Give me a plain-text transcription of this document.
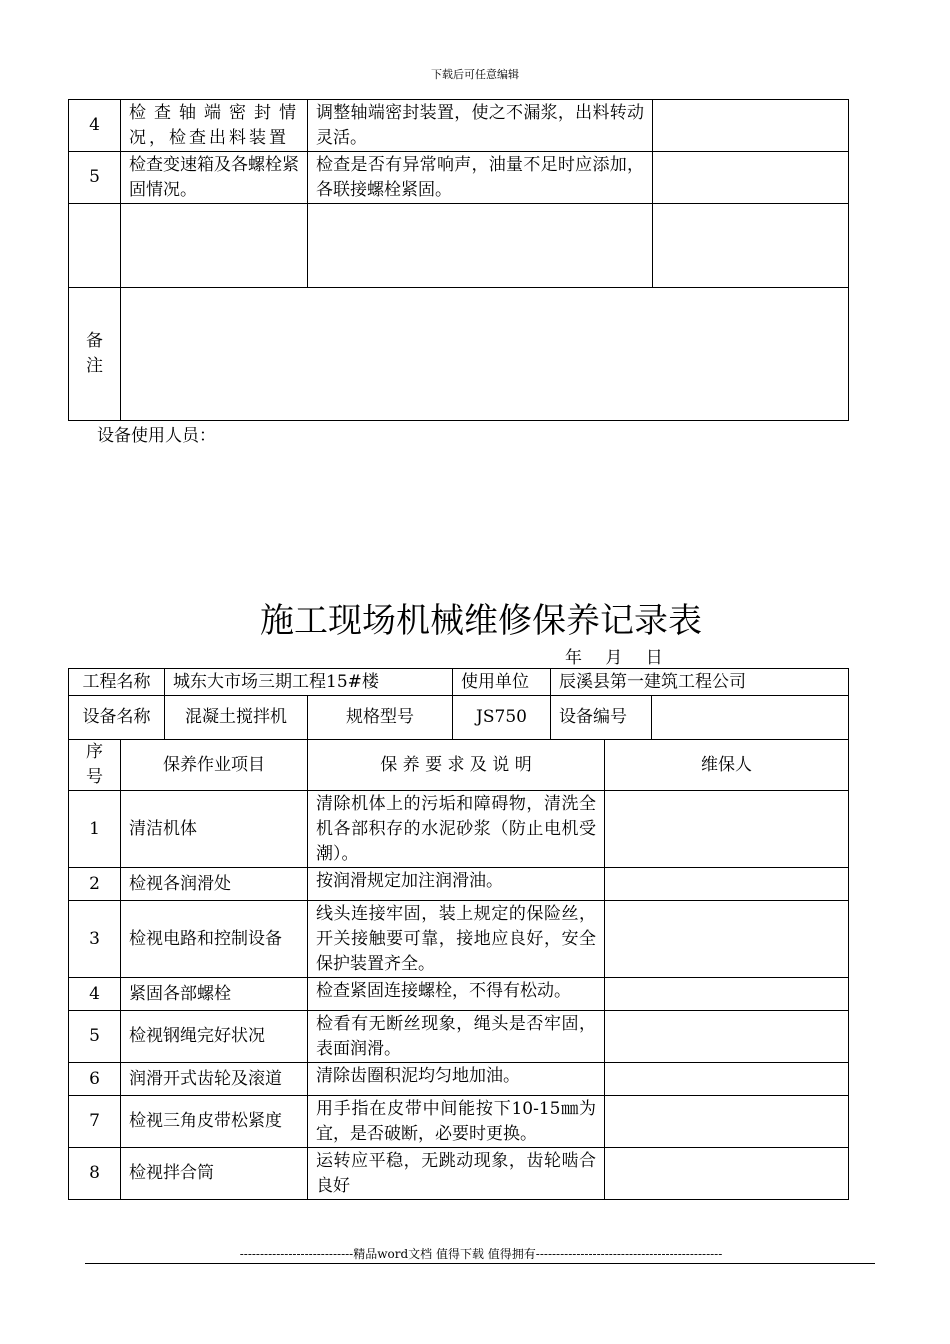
下载后可任意编辑
4	检查轴端密封情况，检查出料装置	调整轴端密封装置，使之不漏浆，出料转动灵活。	
5	检查变速箱及各螺栓紧固情况。	检查是否有异常响声，油量不足时应添加，各联接螺栓紧固。	

备
注			

设备使用人员：
施工现场机械维修保养记录表
年 月 日
工程名称		城东大市场三期工程15#楼		使用单位	辰溪县第一建筑工程公司		
设备名称		混凝土搅拌机	规格型号	JS750	设备编号		
序号	保养作业项目		保 养 要 求 及 说 明			维保人	
1	清洁机体		清除机体上的污垢和障碍物，清洗全机各部积存的水泥砂浆（防止电机受潮）。				
2	检视各润滑处		按润滑规定加注润滑油。				
3	检视电路和控制设备		线头连接牢固，装上规定的保险丝，开关接触要可靠，接地应良好，安全保护装置齐全。				
4	紧固各部螺栓		检查紧固连接螺栓，不得有松动。				
5	检视钢绳完好状况		检看有无断丝现象，绳头是否牢固，表面润滑。				
6	润滑开式齿轮及滚道		清除齿圈积泥均匀地加油。				
7	检视三角皮带松紧度		用手指在皮带中间能按下10-15㎜为宜，是否破断，必要时更换。				
8	检视拌合筒		运转应平稳，无跳动现象，齿轮啮合良好				
----------------------------精品word文档 值得下载 值得拥有----------------------------------------------
